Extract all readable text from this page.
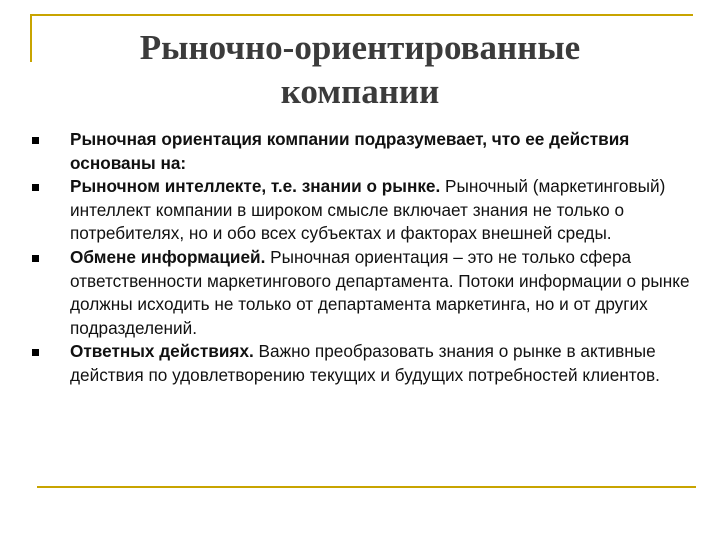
Рыночно-ориентированные
компании
Рыночная ориентация компании подразумевает, что ее действия основаны на:
Рыночном интеллекте, т.е. знании о рынке. Рыночный (маркетинговый) интеллект компании в широком смысле включает знания не только о потребителях, но и обо всех субъектах и факторах внешней среды.
Обмене информацией. Рыночная ориентация – это не только сфера ответственности маркетингового департамента. Потоки информации о рынке должны исходить не только от департамента маркетинга, но и от других подразделений.
Ответных действиях. Важно преобразовать знания о рынке в активные действия по удовлетворению текущих и будущих потребностей клиентов.
